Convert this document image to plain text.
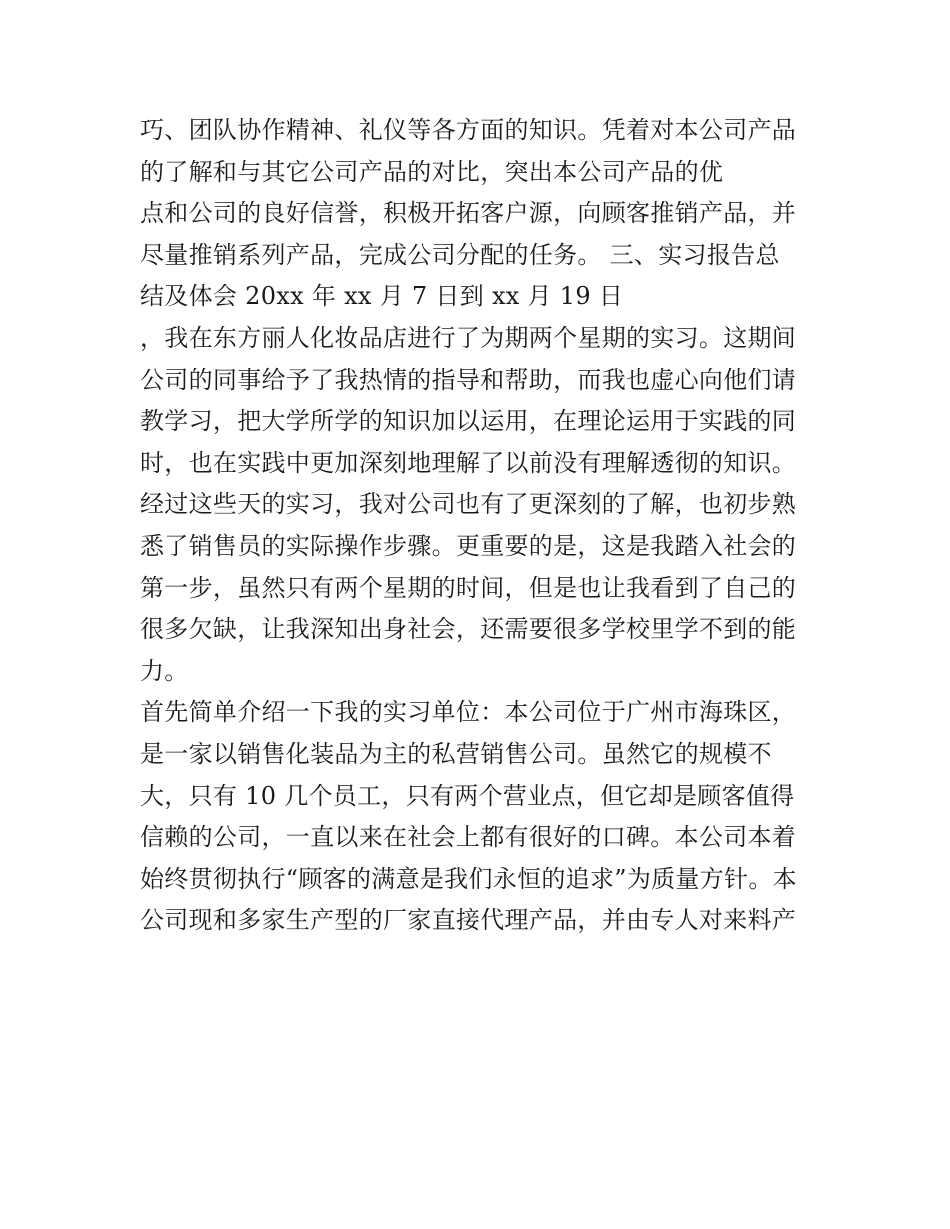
巧、团队协作精神、礼仪等各方面的知识。凭着对本公司产品
的了解和与其它公司产品的对比，突出本公司产品的优
点和公司的良好信誉，积极开拓客户源，向顾客推销产品，并
尽量推销系列产品，完成公司分配的任务。 三、实习报告总
结及体会 20xx 年 xx 月 7 日到 xx 月 19 日
，我在东方丽人化妆品店进行了为期两个星期的实习。这期间
公司的同事给予了我热情的指导和帮助，而我也虚心向他们请
教学习，把大学所学的知识加以运用，在理论运用于实践的同
时，也在实践中更加深刻地理解了以前没有理解透彻的知识。
经过这些天的实习，我对公司也有了更深刻的了解，也初步熟
悉了销售员的实际操作步骤。更重要的是，这是我踏入社会的
第一步，虽然只有两个星期的时间，但是也让我看到了自己的
很多欠缺，让我深知出身社会，还需要很多学校里学不到的能
力。
首先简单介绍一下我的实习单位：本公司位于广州市海珠区，
是一家以销售化装品为主的私营销售公司。虽然它的规模不
大，只有 10 几个员工，只有两个营业点，但它却是顾客值得
信赖的公司，一直以来在社会上都有很好的口碑。本公司本着
始终贯彻执行“顾客的满意是我们永恒的追求”为质量方针。本
公司现和多家生产型的厂家直接代理产品，并由专人对来料产
